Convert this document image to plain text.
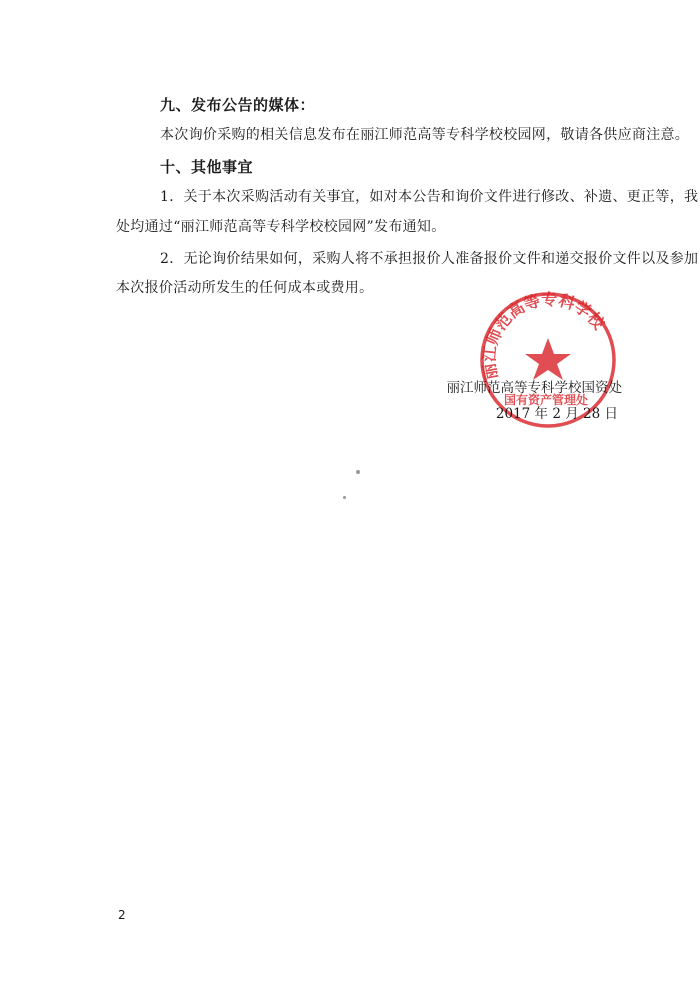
九、发布公告的媒体：
本次询价采购的相关信息发布在丽江师范高等专科学校校园网，敬请各供应商注意。
十、其他事宜
1．关于本次采购活动有关事宜，如对本公告和询价文件进行修改、补遗、更正等，我
处均通过“丽江师范高等专科学校校园网”发布通知。
2．无论询价结果如何，采购人将不承担报价人准备报价文件和递交报价文件以及参加
本次报价活动所发生的任何成本或费用。
丽江师范高等专科学校
国有资产管理处
丽江师范高等专科学校国资处
2017 年 2 月 28 日
2
